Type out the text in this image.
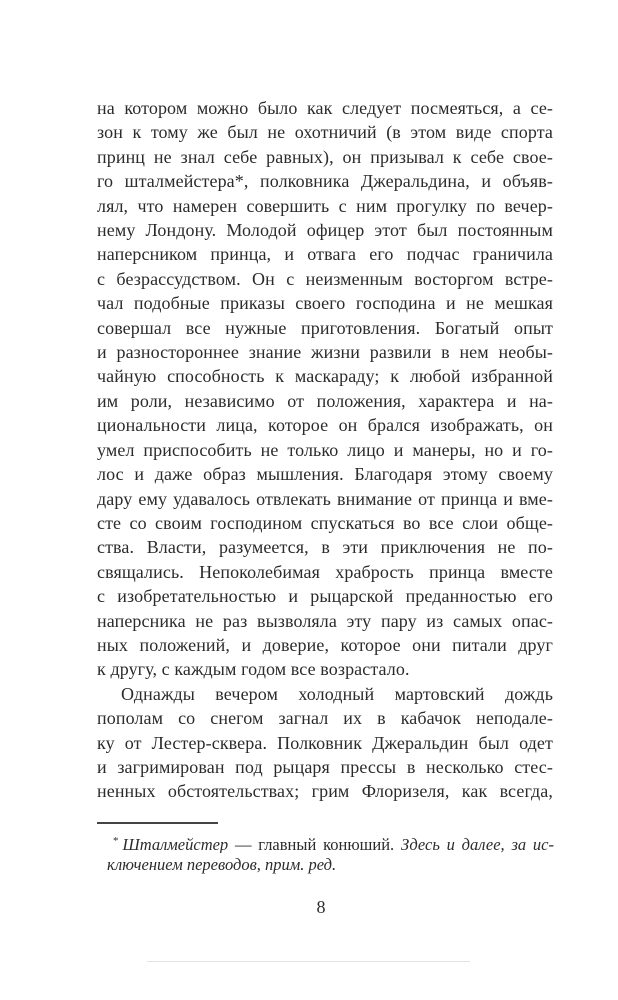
на котором можно было как следует посмеяться, а се-
зон к тому же был не охотничий (в этом виде спорта
принц не знал себе равных), он призывал к себе свое-
го шталмейстера*, полковника Джеральдина, и объяв-
лял, что намерен совершить с ним прогулку по вечер-
нему Лондону. Молодой офицер этот был постоянным
наперсником принца, и отвага его подчас граничила
с безрассудством. Он с неизменным восторгом встре-
чал подобные приказы своего господина и не мешкая
совершал все нужные приготовления. Богатый опыт
и разностороннее знание жизни развили в нем необы-
чайную способность к маскараду; к любой избранной
им роли, независимо от положения, характера и на-
циональности лица, которое он брался изображать, он
умел приспособить не только лицо и манеры, но и го-
лос и даже образ мышления. Благодаря этому своему
дару ему удавалось отвлекать внимание от принца и вме-
сте со своим господином спускаться во все слои обще-
ства. Власти, разумеется, в эти приключения не по-
свящались. Непоколебимая храбрость принца вместе
с изобретательностью и рыцарской преданностью его
наперсника не раз вызволяла эту пару из самых опас-
ных положений, и доверие, которое они питали друг
к другу, с каждым годом все возрастало.
Однажды вечером холодный мартовский дождь
пополам со снегом загнал их в кабачок неподале-
ку от Лестер-сквера. Полковник Джеральдин был одет
и загримирован под рыцаря прессы в несколько стес-
ненных обстоятельствах; грим Флоризеля, как всегда,
* Шталмейстер — главный конюший. Здесь и далее, за ис-
ключением переводов, прим. ред.
8
